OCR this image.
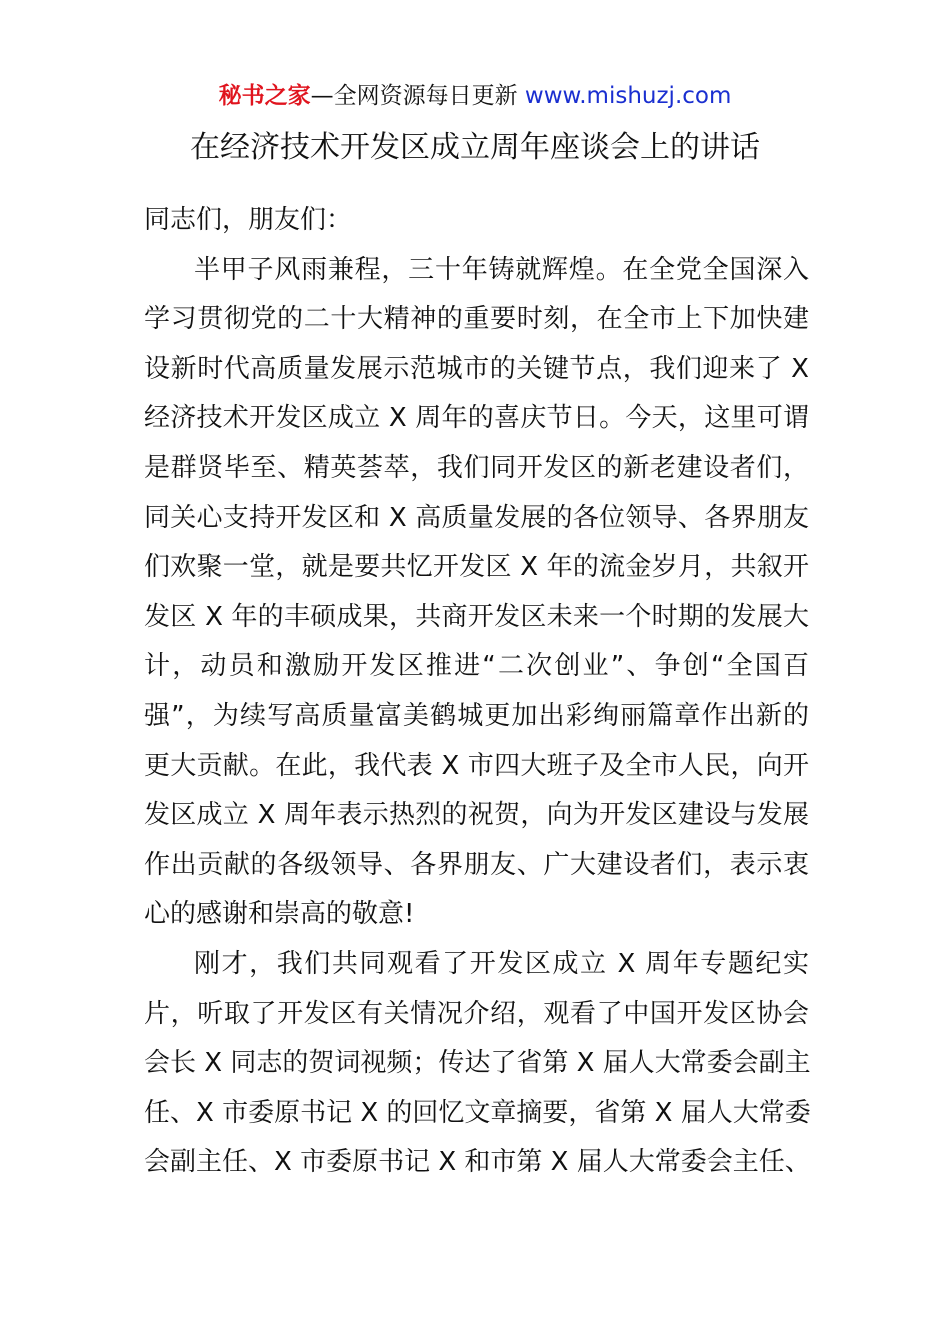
秘书之家—全网资源每日更新 www.mishuzj.com
在经济技术开发区成立周年座谈会上的讲话
同志们，朋友们：
半甲子风雨兼程，三十年铸就辉煌。在全党全国深入
学习贯彻党的二十大精神的重要时刻，在全市上下加快建
设新时代高质量发展示范城市的关键节点，我们迎来了 X
经济技术开发区成立 X 周年的喜庆节日。今天，这里可谓
是群贤毕至、精英荟萃，我们同开发区的新老建设者们，
同关心支持开发区和 X 高质量发展的各位领导、各界朋友
们欢聚一堂，就是要共忆开发区 X 年的流金岁月，共叙开
发区 X 年的丰硕成果，共商开发区未来一个时期的发展大
计，动员和激励开发区推进“二次创业”、争创“全国百
强”，为续写高质量富美鹤城更加出彩绚丽篇章作出新的
更大贡献。在此，我代表 X 市四大班子及全市人民，向开
发区成立 X 周年表示热烈的祝贺，向为开发区建设与发展
作出贡献的各级领导、各界朋友、广大建设者们，表示衷
心的感谢和崇高的敬意!
刚才，我们共同观看了开发区成立 X 周年专题纪实
片，听取了开发区有关情况介绍，观看了中国开发区协会
会长 X 同志的贺词视频；传达了省第 X 届人大常委会副主
任、X 市委原书记 X 的回忆文章摘要，省第 X 届人大常委
会副主任、X 市委原书记 X 和市第 X 届人大常委会主任、
